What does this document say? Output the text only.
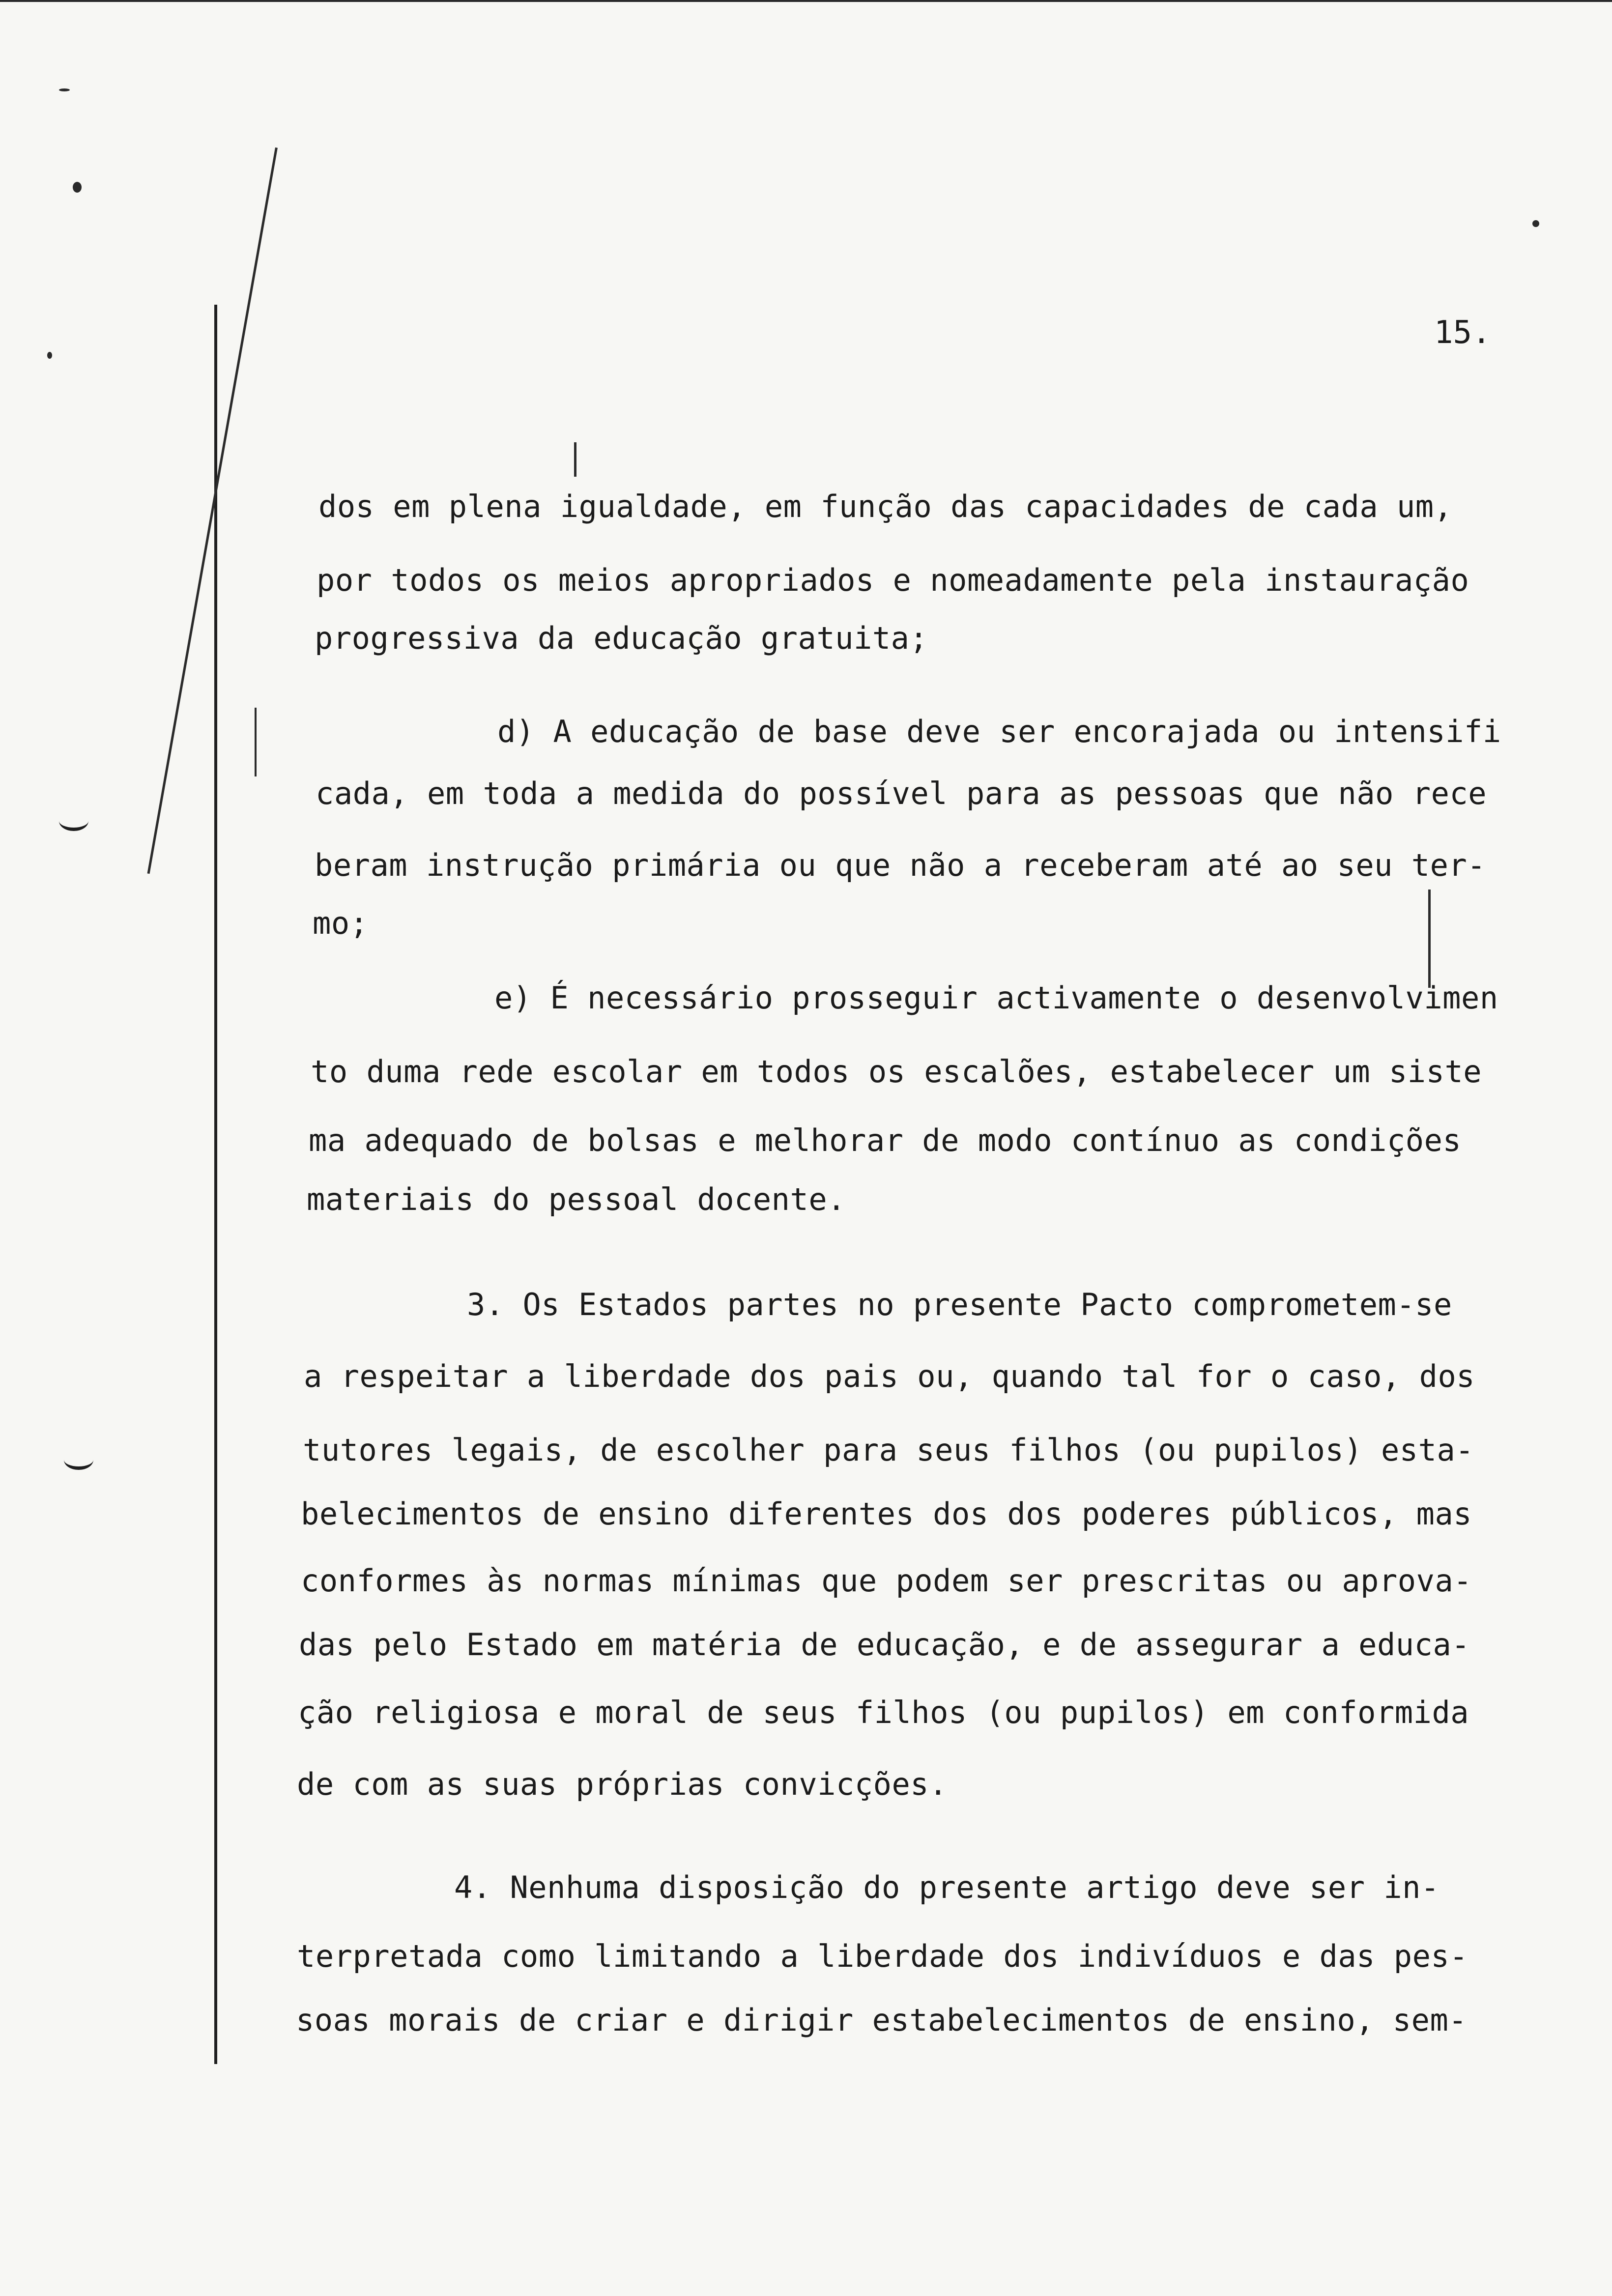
15.

dos em plena igualdade, em função das capacidades de cada um,

por todos os meios apropriados e nomeadamente pela instauração

progressiva da educação gratuita;

d) A educação de base deve ser encorajada ou intensifi

cada, em toda a medida do possível para as pessoas que não rece

beram instrução primária ou que não a receberam até ao seu ter-

mo;

e) É necessário prosseguir activamente o desenvolvimen

to duma rede escolar em todos os escalões, estabelecer um siste

ma adequado de bolsas e melhorar de modo contínuo as condições

materiais do pessoal docente.

3. Os Estados partes no presente Pacto comprometem-se

a respeitar a liberdade dos pais ou, quando tal for o caso, dos

tutores legais, de escolher para seus filhos (ou pupilos) esta-

belecimentos de ensino diferentes dos dos poderes públicos, mas

conformes às normas mínimas que podem ser prescritas ou aprova-

das pelo Estado em matéria de educação, e de assegurar a educa-

ção religiosa e moral de seus filhos (ou pupilos) em conformida

de com as suas próprias convicções.

4. Nenhuma disposição do presente artigo deve ser in-

terpretada como limitando a liberdade dos indivíduos e das pes-

soas morais de criar e dirigir estabelecimentos de ensino, sem-
